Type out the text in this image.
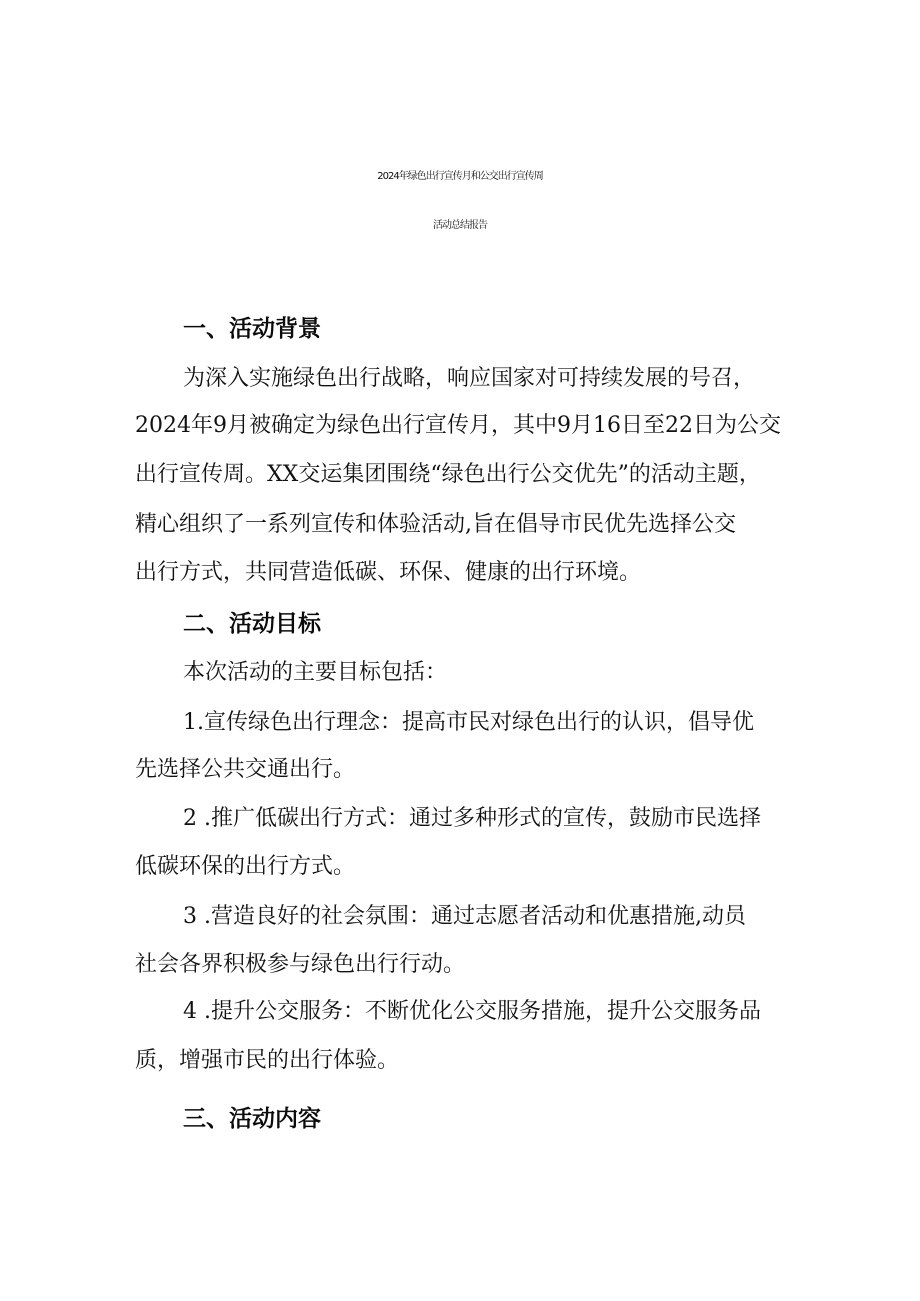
2024年绿色出行宣传月和公交出行宣传周
活动总结报告
一、活动背景

为深入实施绿色出行战略，响应国家对可持续发展的号召，

2024年9月被确定为绿色出行宣传月，其中9月16日至22日为公交

出行宣传周。XX交运集团围绕“绿色出行公交优先”的活动主题，

精心组织了一系列宣传和体验活动,旨在倡导市民优先选择公交

出行方式，共同营造低碳、环保、健康的出行环境。

二、活动目标

本次活动的主要目标包括：

1.宣传绿色出行理念：提高市民对绿色出行的认识，倡导优

先选择公共交通出行。

2 .推广低碳出行方式：通过多种形式的宣传，鼓励市民选择

低碳环保的出行方式。

3 .营造良好的社会氛围：通过志愿者活动和优惠措施,动员

社会各界积极参与绿色出行行动。

4 .提升公交服务：不断优化公交服务措施，提升公交服务品

质，增强市民的出行体验。

三、活动内容
